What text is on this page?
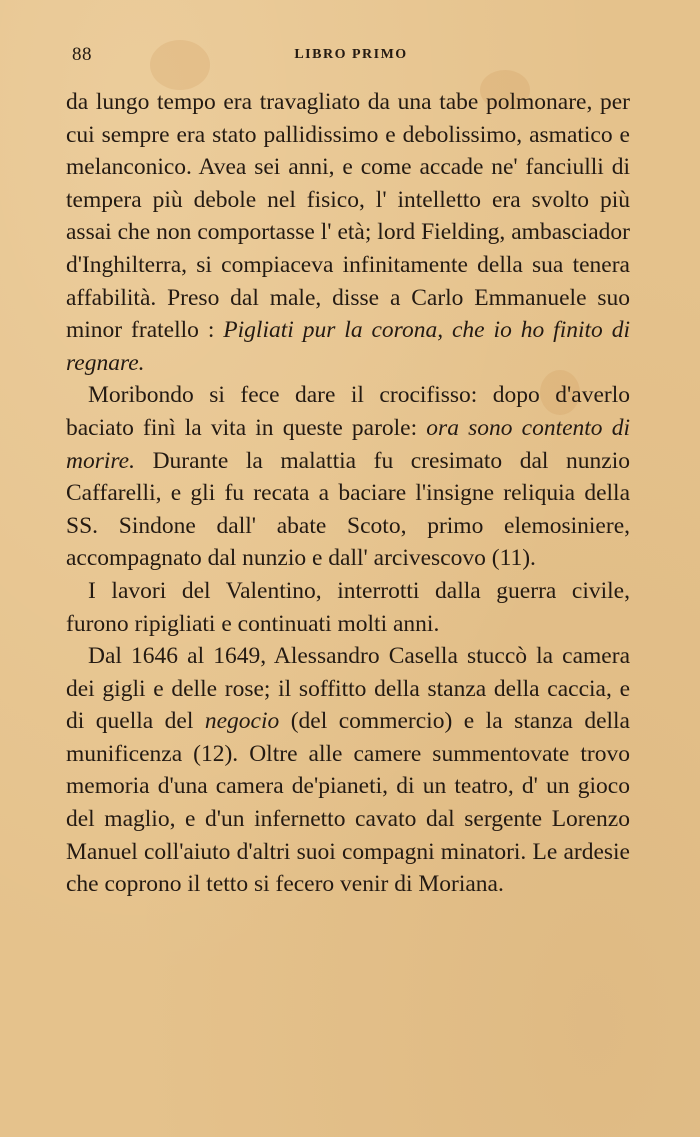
88	LIBRO PRIMO

da lungo tempo era travagliato da una tabe polmonare, per cui sempre era stato pallidissimo e debolissimo, asmatico e melanconico. Avea sei anni, e come accade ne' fanciulli di tempera più debole nel fisico, l' intelletto era svolto più assai che non comportasse l' età; lord Fielding, ambasciador d'Inghilterra, si compiaceva infinitamente della sua tenera affabilità. Preso dal male, disse a Carlo Emmanuele suo minor fratello : Pigliati pur la corona, che io ho finito di regnare.

Moribondo si fece dare il crocifisso: dopo d'averlo baciato finì la vita in queste parole: ora sono contento di morire. Durante la malattia fu cresimato dal nunzio Caffarelli, e gli fu recata a baciare l'insigne reliquia della SS. Sindone dall' abate Scoto, primo elemosiniere, accompagnato dal nunzio e dall' arcivescovo (11).

I lavori del Valentino, interrotti dalla guerra civile, furono ripigliati e continuati molti anni.

Dal 1646 al 1649, Alessandro Casella stuccò la camera dei gigli e delle rose; il soffitto della stanza della caccia, e di quella del negocio (del commercio) e la stanza della munificenza (12). Oltre alle camere summentovate trovo memoria d'una camera de'pianeti, di un teatro, d' un gioco del maglio, e d'un infernetto cavato dal sergente Lorenzo Manuel coll'aiuto d'altri suoi compagni minatori. Le ardesie che coprono il tetto si fecero venir di Moriana.
